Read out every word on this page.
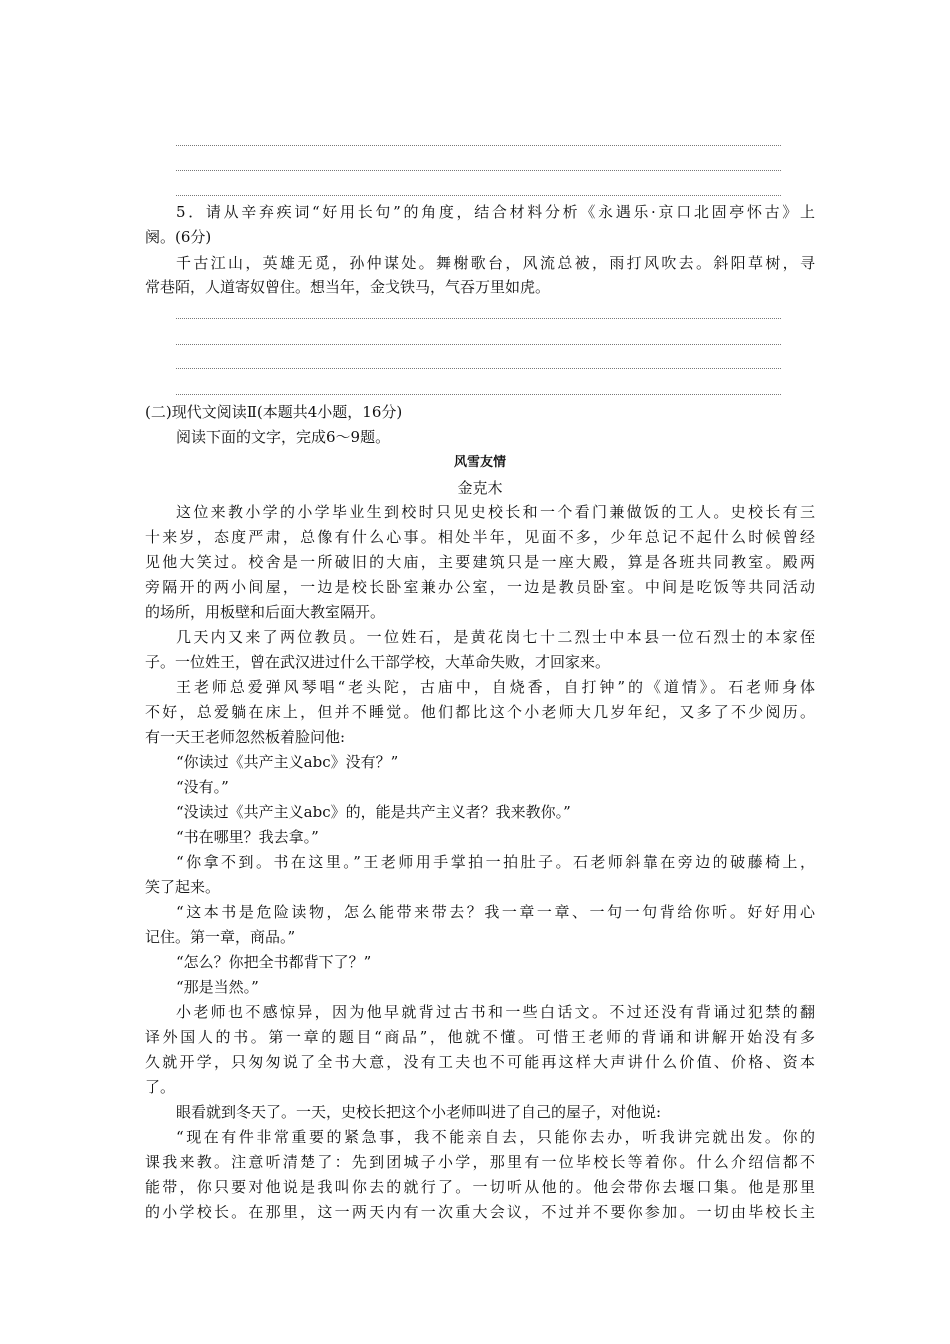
5．请从辛弃疾词“好用长句”的角度，结合材料分析《永遇乐·京口北固亭怀古》上
阕。(6分)
千古江山，英雄无觅，孙仲谋处。舞榭歌台，风流总被，雨打风吹去。斜阳草树，寻
常巷陌，人道寄奴曾住。想当年，金戈铁马，气吞万里如虎。
(二)现代文阅读Ⅱ(本题共4小题，16分)
阅读下面的文字，完成6～9题。
风雪友情
金克木
这位来教小学的小学毕业生到校时只见史校长和一个看门兼做饭的工人。史校长有三
十来岁，态度严肃，总像有什么心事。相处半年，见面不多，少年总记不起什么时候曾经
见他大笑过。校舍是一所破旧的大庙，主要建筑只是一座大殿，算是各班共同教室。殿两
旁隔开的两小间屋，一边是校长卧室兼办公室，一边是教员卧室。中间是吃饭等共同活动
的场所，用板壁和后面大教室隔开。
几天内又来了两位教员。一位姓石，是黄花岗七十二烈士中本县一位石烈士的本家侄
子。一位姓王，曾在武汉进过什么干部学校，大革命失败，才回家来。
王老师总爱弹风琴唱“老头陀，古庙中，自烧香，自打钟”的《道情》。石老师身体
不好，总爱躺在床上，但并不睡觉。他们都比这个小老师大几岁年纪，又多了不少阅历。
有一天王老师忽然板着脸问他:
“你读过《共产主义abc》没有？”
“没有。”
“没读过《共产主义abc》的，能是共产主义者？我来教你。”
“书在哪里？我去拿。”
“你拿不到。书在这里。”王老师用手掌拍一拍肚子。石老师斜靠在旁边的破藤椅上，
笑了起来。
“这本书是危险读物，怎么能带来带去？我一章一章、一句一句背给你听。好好用心
记住。第一章，商品。”
“怎么？你把全书都背下了？”
“那是当然。”
小老师也不感惊异，因为他早就背过古书和一些白话文。不过还没有背诵过犯禁的翻
译外国人的书。第一章的题目“商品”，他就不懂。可惜王老师的背诵和讲解开始没有多
久就开学，只匆匆说了全书大意，没有工夫也不可能再这样大声讲什么价值、价格、资本
了。
眼看就到冬天了。一天，史校长把这个小老师叫进了自己的屋子，对他说:
“现在有件非常重要的紧急事，我不能亲自去，只能你去办，听我讲完就出发。你的
课我来教。注意听清楚了：先到团城子小学，那里有一位毕校长等着你。什么介绍信都不
能带，你只要对他说是我叫你去的就行了。一切听从他的。他会带你去堰口集。他是那里
的小学校长。在那里，这一两天内有一次重大会议，不过并不要你参加。一切由毕校长主
